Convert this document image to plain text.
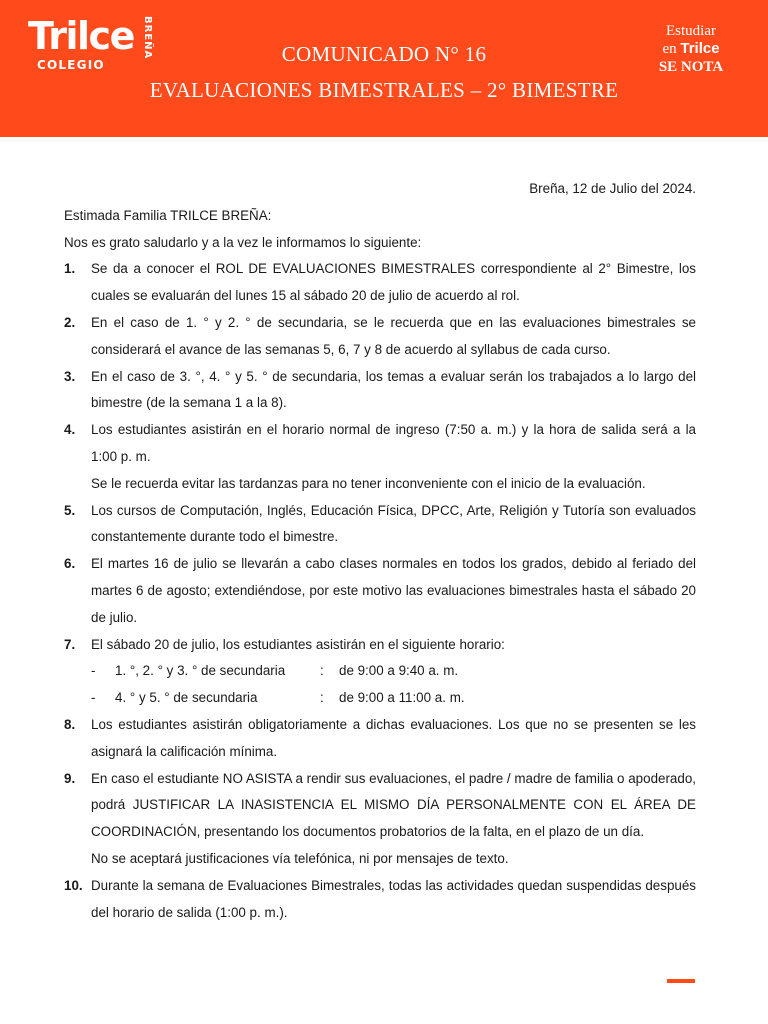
Trilce BREÑA
COLEGIO	COMUNICADO N° 16
EVALUACIONES BIMESTRALES – 2° BIMESTRE
Estudiar
en Trilce
SE NOTA
Breña, 12 de Julio del 2024.
Estimada Familia TRILCE BREÑA:
Nos es grato saludarlo y a la vez le informamos lo siguiente:
1. Se da a conocer el ROL DE EVALUACIONES BIMESTRALES correspondiente al 2° Bimestre, los cuales se evaluarán del lunes 15 al sábado 20 de julio de acuerdo al rol.
2. En el caso de 1. ° y 2. ° de secundaria, se le recuerda que en las evaluaciones bimestrales se considerará el avance de las semanas 5, 6, 7 y 8 de acuerdo al syllabus de cada curso.
3. En el caso de 3. °, 4. ° y 5. ° de secundaria, los temas a evaluar serán los trabajados a lo largo del bimestre (de la semana 1 a la 8).
4. Los estudiantes asistirán en el horario normal de ingreso (7:50 a. m.) y la hora de salida será a la 1:00 p. m.
Se le recuerda evitar las tardanzas para no tener inconveniente con el inicio de la evaluación.
5. Los cursos de Computación, Inglés, Educación Física, DPCC, Arte, Religión y Tutoría son evaluados constantemente durante todo el bimestre.
6. El martes 16 de julio se llevarán a cabo clases normales en todos los grados, debido al feriado del martes 6 de agosto; extendiéndose, por este motivo las evaluaciones bimestrales hasta el sábado 20 de julio.
7. El sábado 20 de julio, los estudiantes asistirán en el siguiente horario:
- 1. °, 2. ° y 3. ° de secundaria	: de 9:00 a 9:40 a. m.
- 4. ° y 5. ° de secundaria	: de 9:00 a 11:00 a. m.
8. Los estudiantes asistirán obligatoriamente a dichas evaluaciones. Los que no se presenten se les asignará la calificación mínima.
9. En caso el estudiante NO ASISTA a rendir sus evaluaciones, el padre / madre de familia o apoderado, podrá JUSTIFICAR LA INASISTENCIA EL MISMO DÍA PERSONALMENTE CON EL ÁREA DE COORDINACIÓN, presentando los documentos probatorios de la falta, en el plazo de un día.
No se aceptará justificaciones vía telefónica, ni por mensajes de texto.
10. Durante la semana de Evaluaciones Bimestrales, todas las actividades quedan suspendidas después del horario de salida (1:00 p. m.).
